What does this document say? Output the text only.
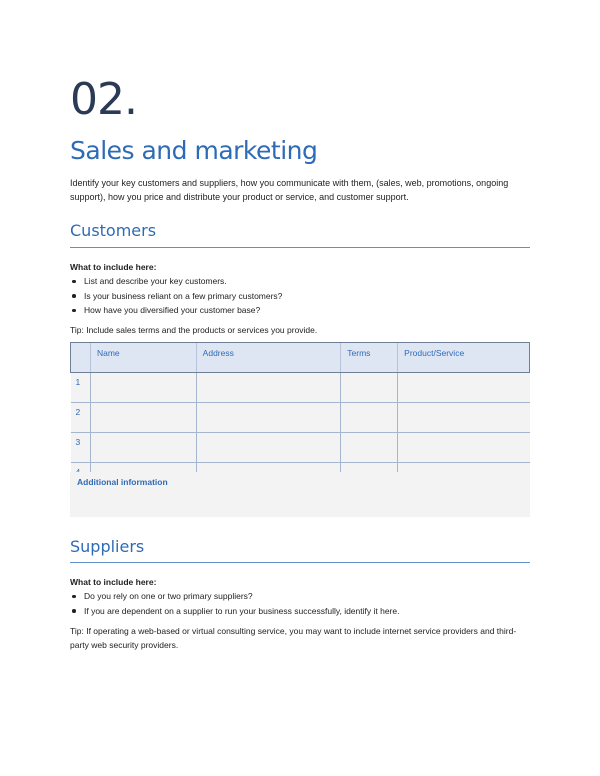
02.
Sales and marketing
Identify your key customers and suppliers, how you communicate with them, (sales, web, promotions, ongoing support), how you price and distribute your product or service, and customer support.
Customers
What to include here:
List and describe your key customers.
Is your business reliant on a few primary customers?
How have you diversified your customer base?
Tip: Include sales terms and the products or services you provide.
	Name	Address	Terms	Product/Service
1				
2				
3				

Additional information
Suppliers
What to include here:
Do you rely on one or two primary suppliers?
If you are dependent on a supplier to run your business successfully, identify it here.
Tip: If operating a web-based or virtual consulting service, you may want to include internet service providers and third-party web security providers.
